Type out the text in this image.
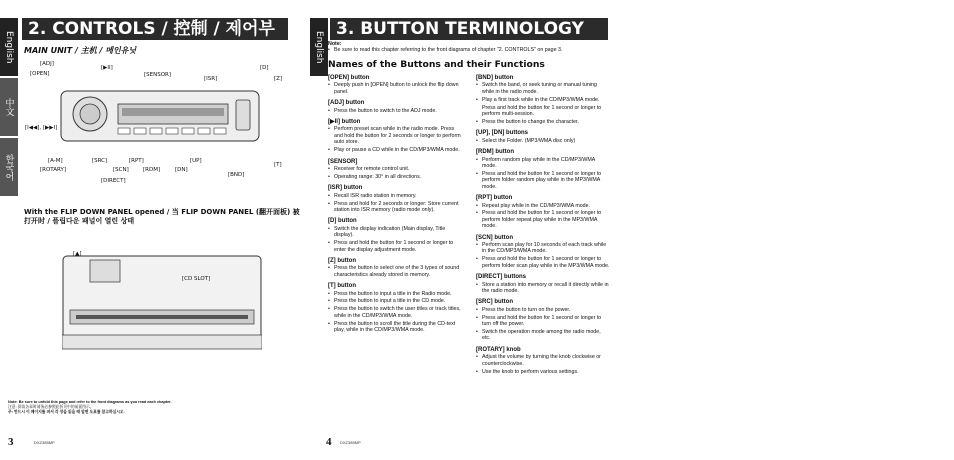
English
中文
한국어
2. CONTROLS / 控制 / 제어부
MAIN UNIT / 主机 / 메인유닛
[ADJ]
[OPEN]
[▶II]
[SENSOR]
[ISR]
[D]
[Z]
[I◀◀], [▶▶I]
[A-M]
[ROTARY]
[SRC]	[RPT]
[SCN]	[RDM]
[UP]
[DN]
[DIRECT]
[T]
[BND]
With the FLIP DOWN PANEL opened / 当 FLIP DOWN PANEL (翻开面板) 被
打开时 / 플립다운 패널이 열린 상태
[▲]
[CD SLOT]
Note: Be sure to unfold this page and refer to the front diagrams as you read each chapter.
注意: 阅读各章时请务必参照此折页中的前面图示。
주: 반드시 이 페이지를 펴서 각 장을 읽을 때 앞면 도표를 참고하십시오.
3	DXZ385MP
English
3. BUTTON TERMINOLOGY
Note:
• Be sure to read this chapter referring to the front diagrams of chapter "2. CONTROLS" on page 3.
Names of the Buttons and their Functions
[OPEN] button
• Deeply push in [OPEN] button to unlock the flip down panel.
[ADJ] button
• Press the button to switch to the ADJ mode.
[▶II] button
• Perform preset scan while in the radio mode. Press and hold the button for 2 seconds or longer to perform auto store.
• Play or pause a CD while in the CD/MP3/WMA mode.
[SENSOR]
• Receiver for remote control unit.
• Operating range: 30° in all directions.
[ISR] button
• Recall ISR radio station in memory.
• Press and hold for 2 seconds or longer: Store current station into ISR memory (radio mode only).
[D] button
• Switch the display indication (Main display, Title display).
• Press and hold the button for 1 second or longer to enter the display adjustment mode.
[Z] button
• Press the button to select one of the 3 types of sound characteristics already stored in memory.
[T] button
• Press the button to input a title in the Radio mode.
• Press the button to input a title in the CD mode.
• Press the button to switch the user titles or track titles, while in the CD/MP3/WMA mode.
• Press the button to scroll the title during the CD-text play, while in the CD/MP3/WMA mode.
[BND] button
• Switch the band, or seek tuning or manual tuning while in the radio mode.
• Play a first track while in the CD/MP3/WMA mode.
Press and hold the button for 1 second or longer to perform multi-session.
• Press the button to change the character.
[UP], [DN] buttons
• Select the Folder. (MP3/WMA disc only)
[RDM] button
• Perform random play while in the CD/MP3/WMA mode.
• Press and hold the button for 1 second or longer to perform folder random play while in the MP3/WMA mode.
[RPT] button
• Repeat play while in the CD/MP3/WMA mode.
• Press and hold the button for 1 second or longer to perform folder repeat play while in the MP3/WMA mode.
[SCN] button
• Perform scan play for 10 seconds of each track while in the CD/MP3/WMA mode.
• Press and hold the button for 1 second or longer to perform folder scan play while in the MP3/WMA mode.
[DIRECT] buttons
• Store a station into memory or recall it directly while in the radio mode.
[SRC] button
• Press the button to turn on the power.
• Press and hold the button for 1 second or longer to turn off the power.
• Switch the operation mode among the radio mode, etc.
[ROTARY] knob
• Adjust the volume by turning the knob clockwise or counterclockwise.
• Use the knob to perform various settings.
4 DXZ385MP
